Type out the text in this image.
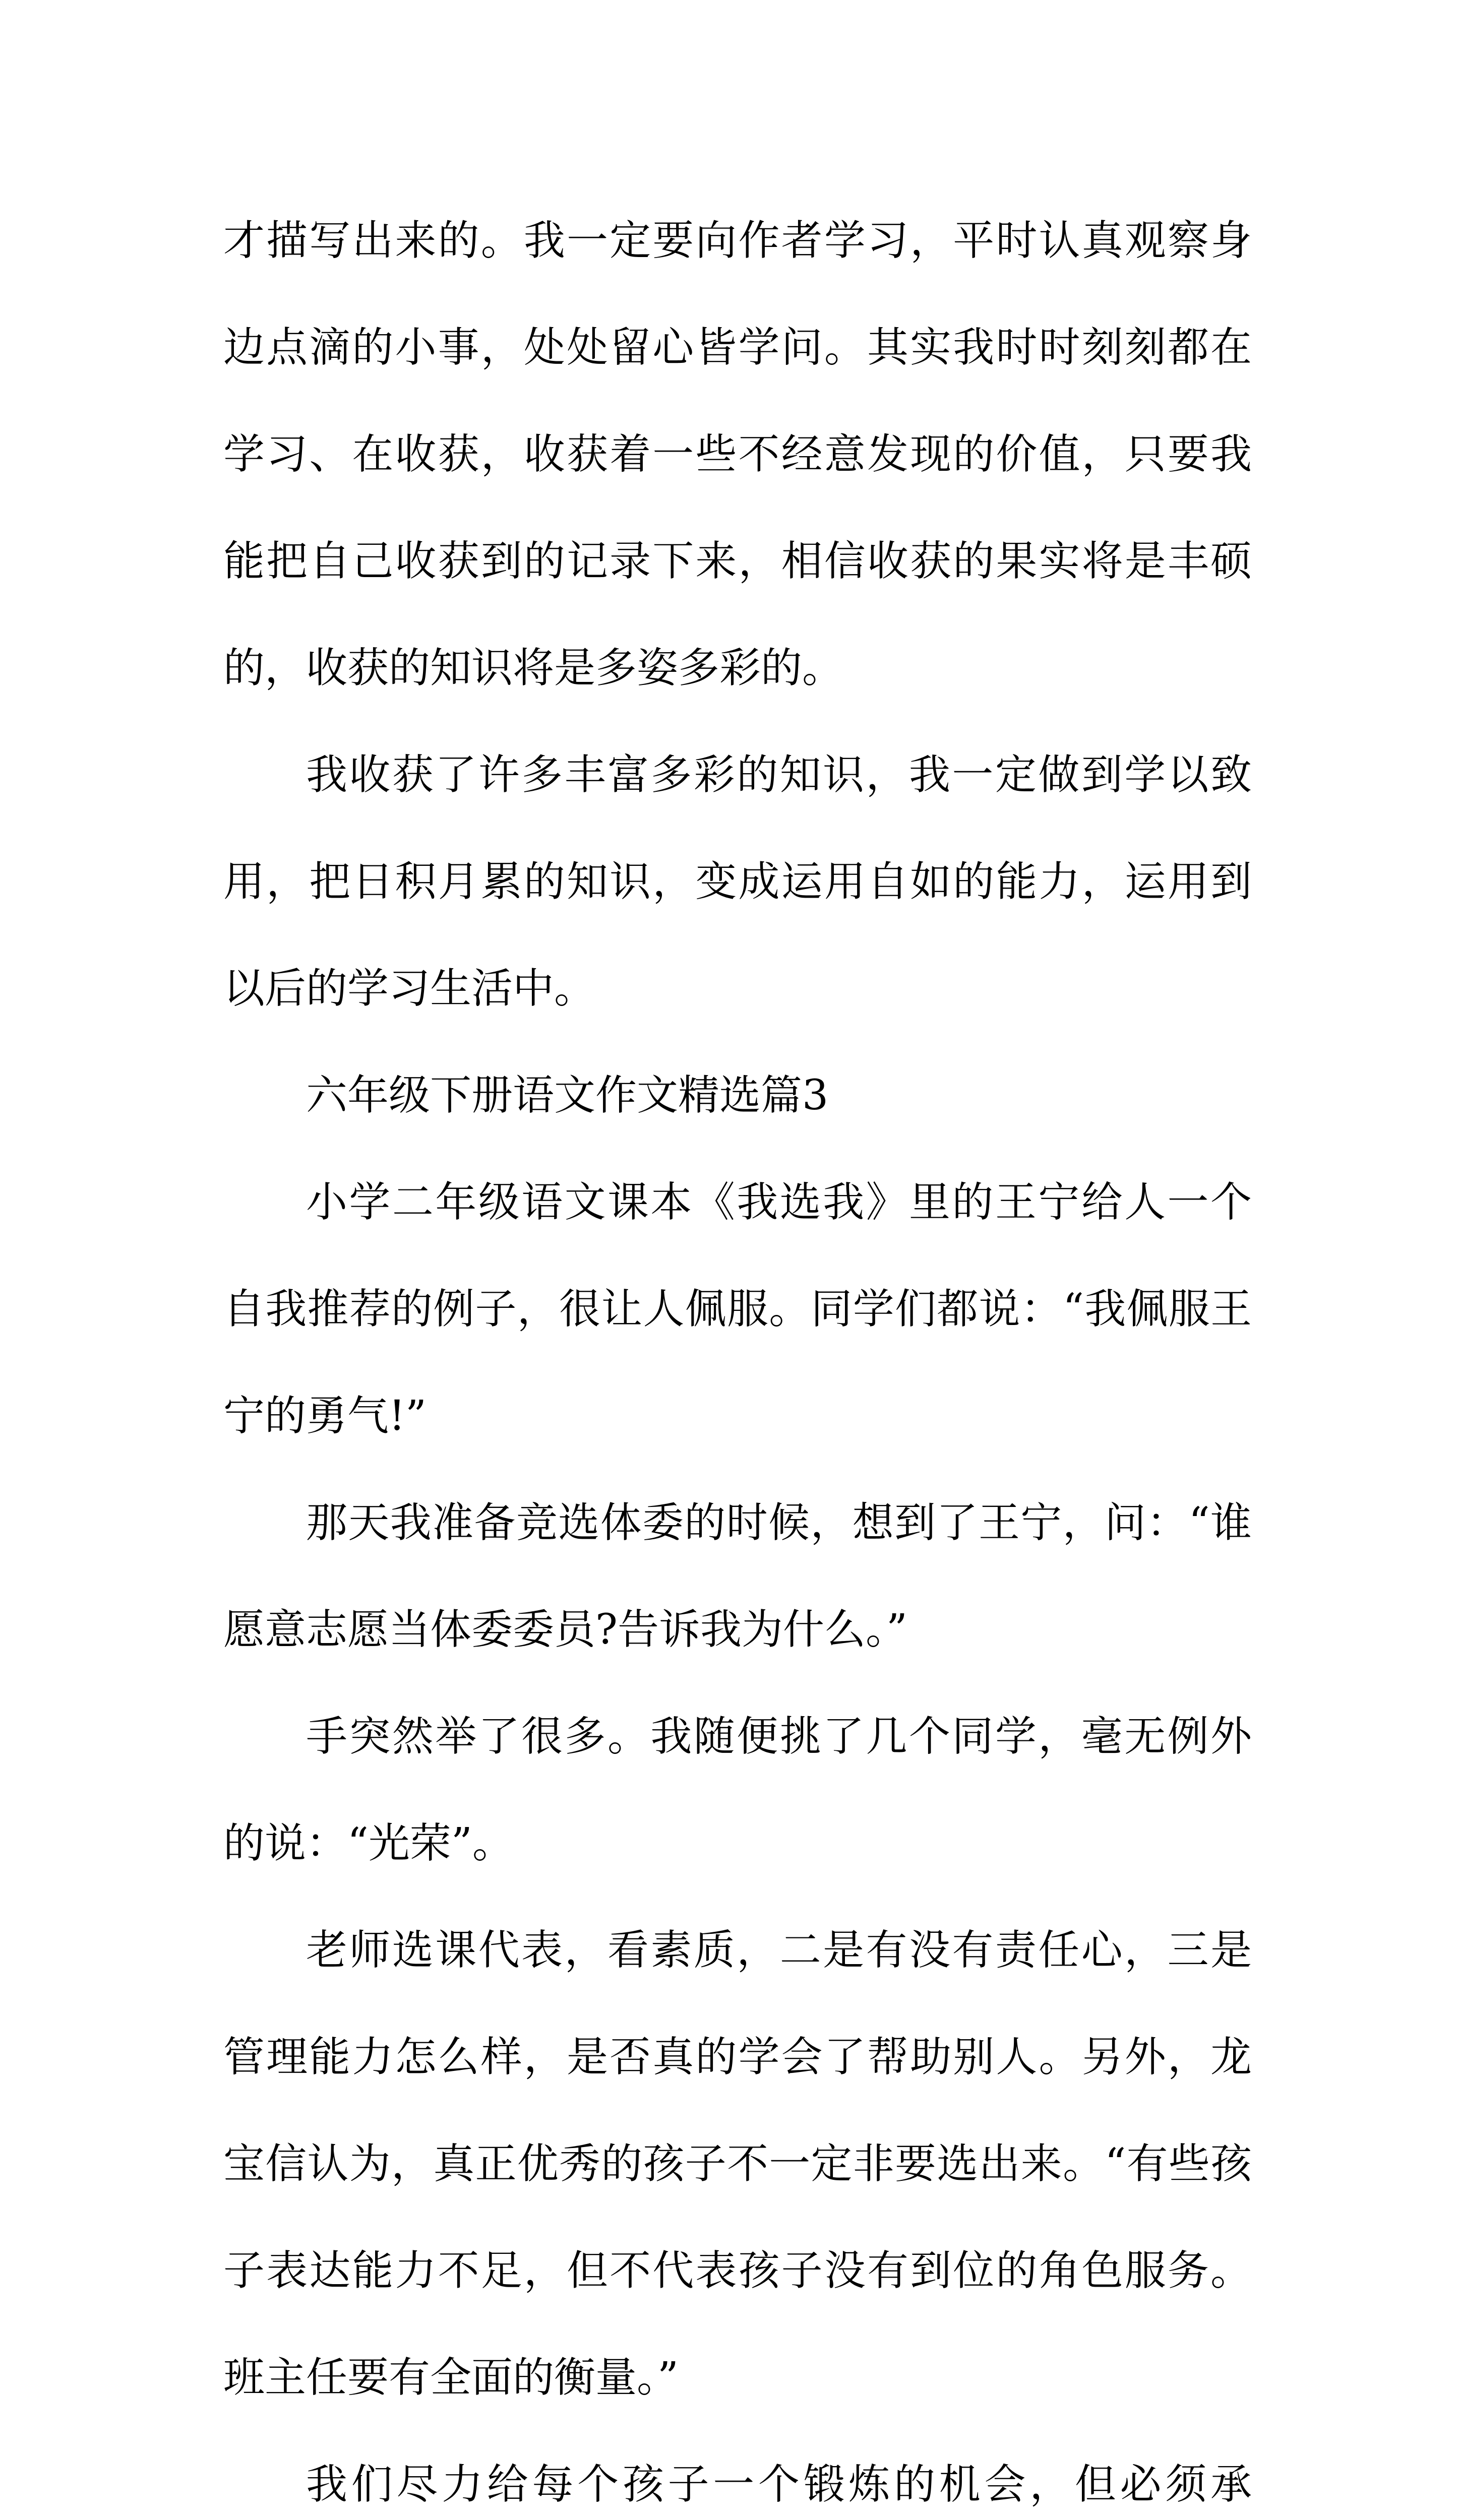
才描写出来的。我一定要向作者学习，平时认真观察身边点滴的小事，处处留心皆学问。其实我时时刻刻都在学习、在收获，收获着一些不经意发现的价值，只要我能把自己收获到的记录下来，相信收获的果实将是丰硕的，收获的知识将是多姿多彩的。

我收获了许多丰富多彩的知识，我一定做到学以致用，把日积月累的知识，变成运用自如的能力，运用到以后的学习生活中。

六年级下册语文作文精选篇3

小学二年级语文课本《我选我》里的王宁给人一个自我推荐的例子，很让人佩服。同学们都说：“我佩服王宁的勇气!”

那天我准备竞选体委的时候，想到了王宁，问：“谁愿意志愿当体委委员?告诉我为什么。”

手突然举了很多。我随便挑了几个同学，毫无例外的说：“光荣”。

老师选课代表，看素质，二是有没有责任心，三是管理能力怎么样，是否真的学会了帮助别人。另外，龙宝信认为，真正优秀的孩子不一定非要选出来。“有些孩子表达能力不足，但不代表孩子没有到位的角色服务。班主任要有全面的衡量。”

我们尽力给每个孩子一个锻炼的机会，但必须承
